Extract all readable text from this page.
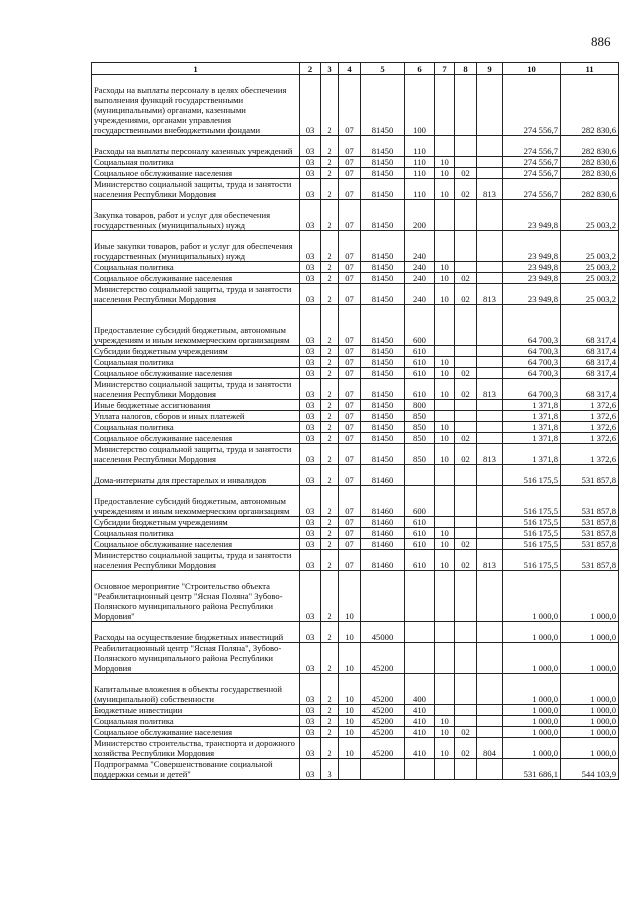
886
1	2	3	4	5	6	7	8	9	10	11
Расходы на выплаты персоналу в целях обеспечения выполнения функций государственными (муниципальными) органами, казенными учреждениями, органами управления государственными внебюджетными фондами	03	2	07	81450	100				274 556,7	282 830,6
Расходы на выплаты персоналу казенных учреждений	03	2	07	81450	110				274 556,7	282 830,6
Социальная политика	03	2	07	81450	110	10			274 556,7	282 830,6
Социальное обслуживание населения	03	2	07	81450	110	10	02		274 556,7	282 830,6
Министерство социальной защиты, труда и занятости населения Республики Мордовия	03	2	07	81450	110	10	02	813	274 556,7	282 830,6
Закупка товаров, работ и услуг для обеспечения государственных (муниципальных) нужд	03	2	07	81450	200				23 949,8	25 003,2
Иные закупки товаров, работ и услуг для обеспечения государственных (муниципальных) нужд	03	2	07	81450	240				23 949,8	25 003,2
Социальная политика	03	2	07	81450	240	10			23 949,8	25 003,2
Социальное обслуживание населения	03	2	07	81450	240	10	02		23 949,8	25 003,2
Министерство социальной защиты, труда и занятости населения Республики Мордовия	03	2	07	81450	240	10	02	813	23 949,8	25 003,2
Предоставление субсидий бюджетным, автономным учреждениям и иным некоммерческим организациям	03	2	07	81450	600				64 700,3	68 317,4
Субсидии бюджетным учреждениям	03	2	07	81450	610				64 700,3	68 317,4
Социальная политика	03	2	07	81450	610	10			64 700,3	68 317,4
Социальное обслуживание населения	03	2	07	81450	610	10	02		64 700,3	68 317,4
Министерство социальной защиты, труда и занятости населения Республики Мордовия	03	2	07	81450	610	10	02	813	64 700,3	68 317,4
Иные бюджетные ассигнования	03	2	07	81450	800				1 371,8	1 372,6
Уплата налогов, сборов и иных платежей	03	2	07	81450	850				1 371,8	1 372,6
Социальная политика	03	2	07	81450	850	10			1 371,8	1 372,6
Социальное обслуживание населения	03	2	07	81450	850	10	02		1 371,8	1 372,6
Министерство социальной защиты, труда и занятости населения Республики Мордовия	03	2	07	81450	850	10	02	813	1 371,8	1 372,6
Дома-интернаты для престарелых и инвалидов	03	2	07	81460					516 175,5	531 857,8
Предоставление субсидий бюджетным, автономным учреждениям и иным некоммерческим организациям	03	2	07	81460	600				516 175,5	531 857,8
Субсидии бюджетным учреждениям	03	2	07	81460	610				516 175,5	531 857,8
Социальная политика	03	2	07	81460	610	10			516 175,5	531 857,8
Социальное обслуживание населения	03	2	07	81460	610	10	02		516 175,5	531 857,8
Министерство социальной защиты, труда и занятости населения Республики Мордовия	03	2	07	81460	610	10	02	813	516 175,5	531 857,8
Основное мероприятие "Строительство объекта "Реабилитационный центр "Ясная Поляна" Зубово-Полянского муниципального района Республики Мордовия"	03	2	10						1 000,0	1 000,0
Расходы на осуществление бюджетных инвестиций	03	2	10	45000					1 000,0	1 000,0
Реабилитационный центр "Ясная Поляна", Зубово-Полянского муниципального района Республики Мордовия	03	2	10	45200					1 000,0	1 000,0
Капитальные вложения в объекты государственной (муниципальной) собственности	03	2	10	45200	400				1 000,0	1 000,0
Бюджетные инвестиции	03	2	10	45200	410				1 000,0	1 000,0
Социальная политика	03	2	10	45200	410	10			1 000,0	1 000,0
Социальное обслуживание населения	03	2	10	45200	410	10	02		1 000,0	1 000,0
Министерство строительства, транспорта и дорожного хозяйства Республики Мордовия	03	2	10	45200	410	10	02	804	1 000,0	1 000,0
Подпрограмма "Совершенствование социальной поддержки семьи и детей"	03	3							531 686,1	544 103,9
